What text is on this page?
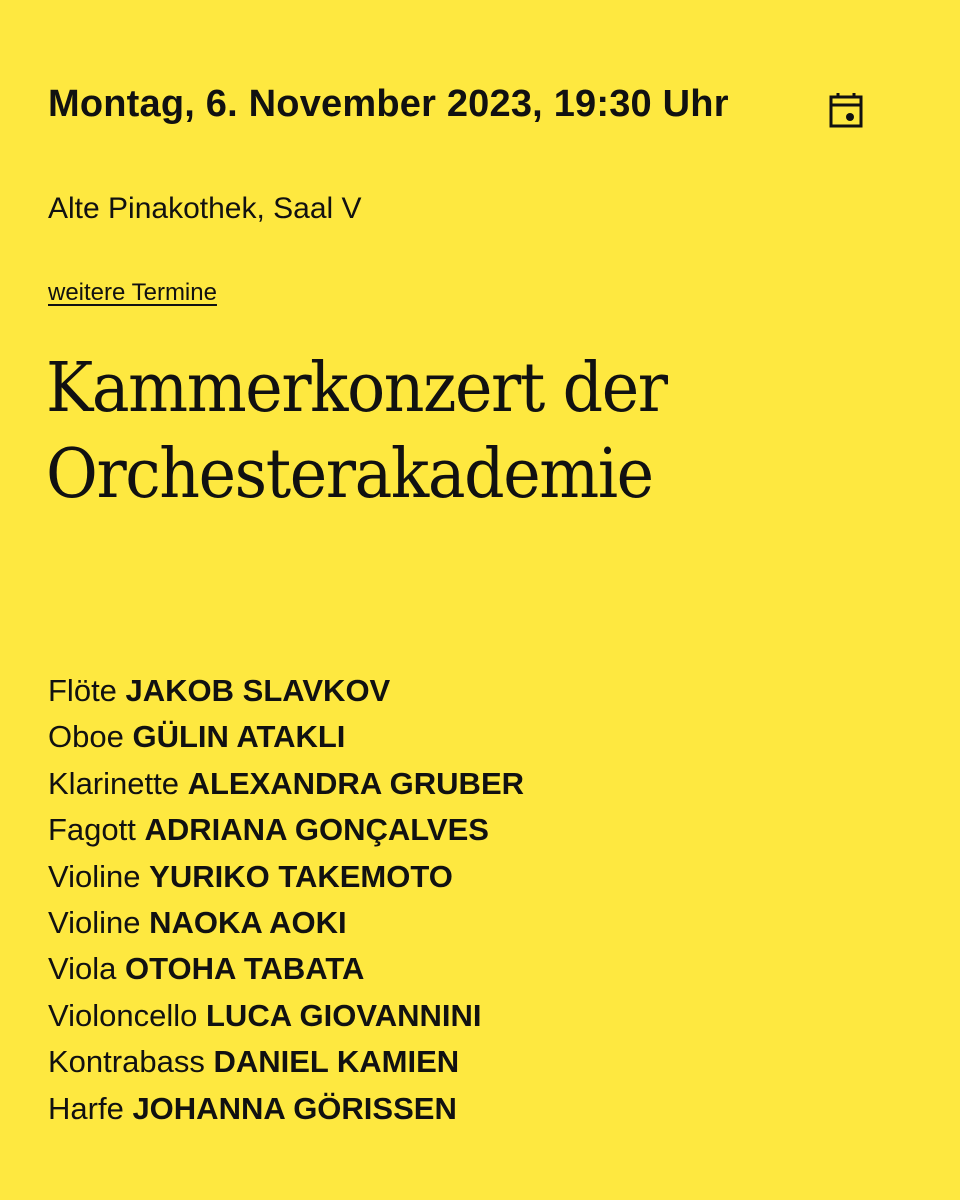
Montag, 6. November 2023, 19:30 Uhr
Alte Pinakothek, Saal V
weitere Termine
Kammerkonzert der
Orchesterakademie
Flöte JAKOB SLAVKOV
Oboe GÜLIN ATAKLI
Klarinette ALEXANDRA GRUBER
Fagott ADRIANA GONÇALVES
Violine YURIKO TAKEMOTO
Violine NAOKA AOKI
Viola OTOHA TABATA
Violoncello LUCA GIOVANNINI
Kontrabass DANIEL KAMIEN
Harfe JOHANNA GÖRISSEN
